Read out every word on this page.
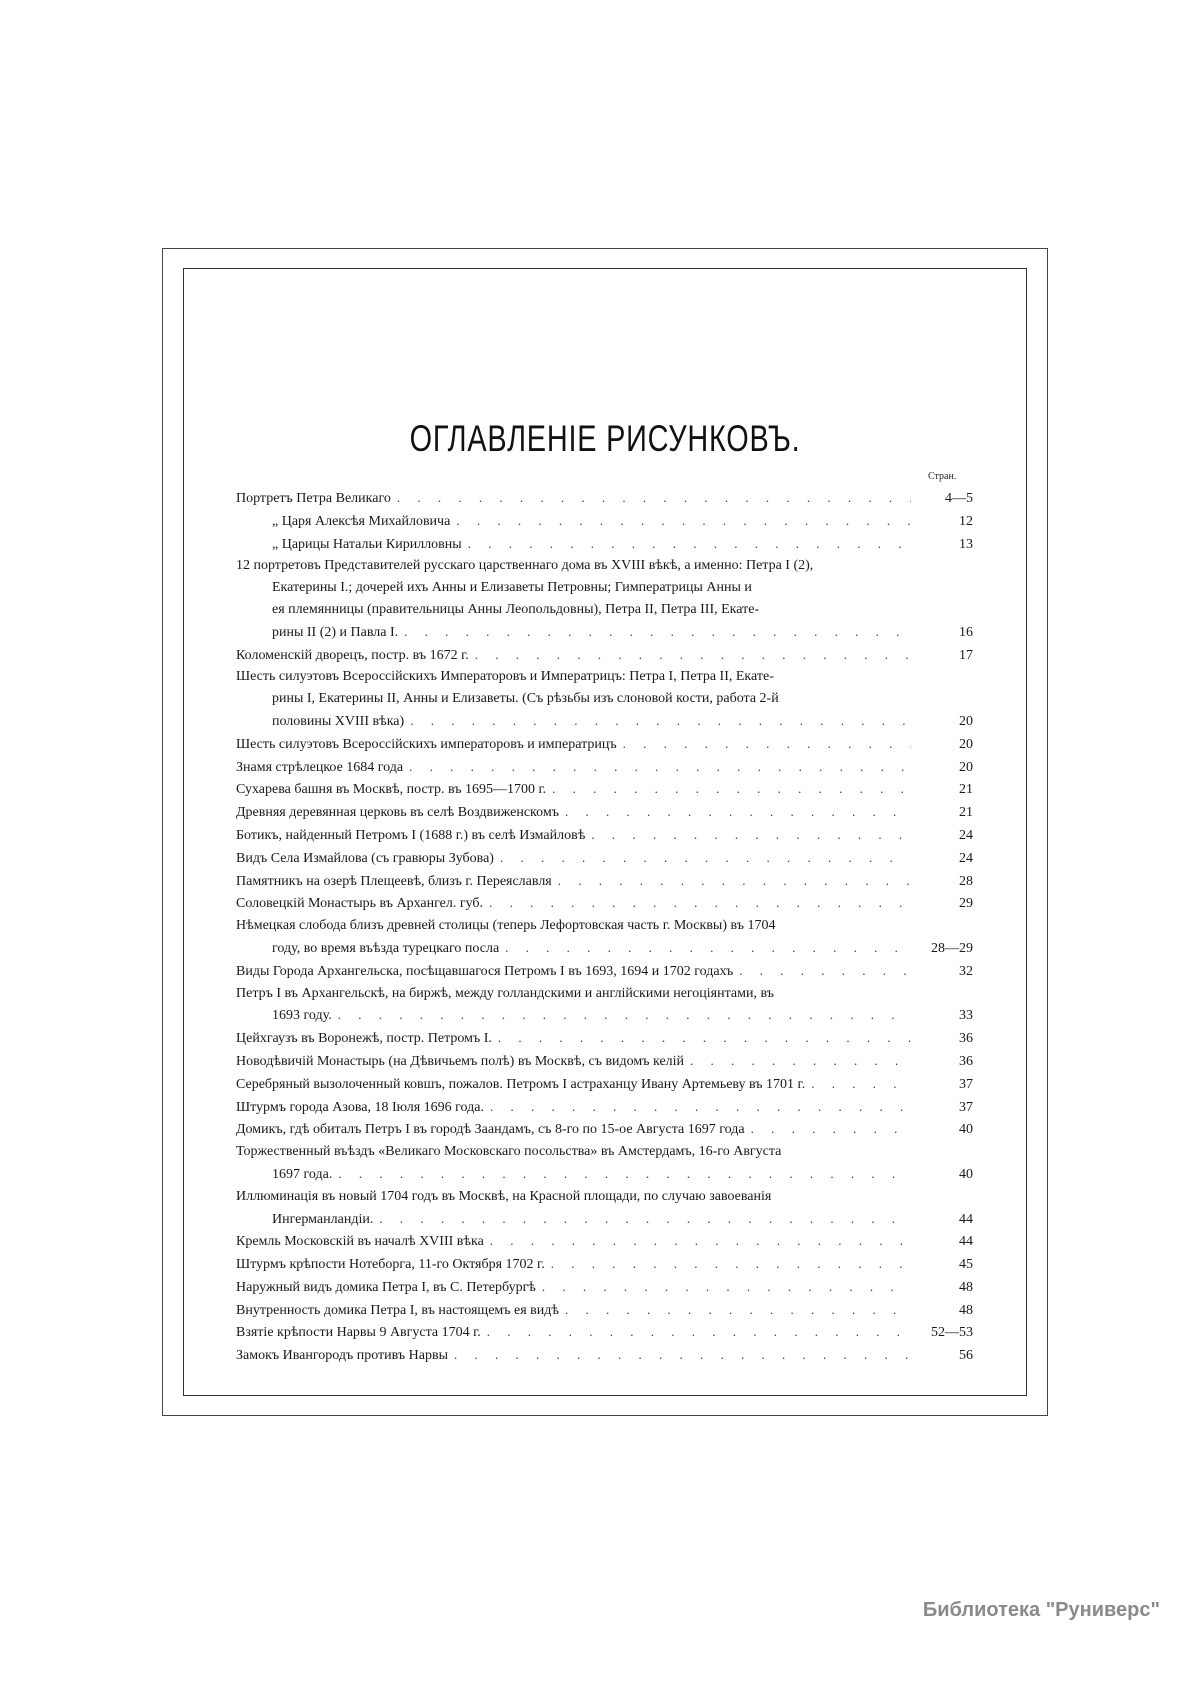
ОГЛАВЛЕНІЕ РИСУНКОВЪ.
Стран.
Портретъ Петра Великаго . . .	4—5
„ Царя Алексѣя Михайловича . . .	12
„ Царицы Натальи Кирилловны . . .	13
12 портретовъ Представителей русскаго царственнаго дома въ XVIII вѣкѣ, а именно: Петра I (2),
Екатерины I.; дочерей ихъ Анны и Елизаветы Петровны; Гимператрицы Анны и
ея племянницы (правительницы Анны Леопольдовны), Петра II, Петра III, Екате-
рины II (2) и Павла I. . . .	16
Коломенскій дворецъ, постр. въ 1672 г. . . .	17
Шесть силуэтовъ Всероссійскихъ Императоровъ и Императрицъ: Петра I, Петра II, Екате-
рины I, Екатерины II, Анны и Елизаветы. (Съ рѣзьбы изъ слоновой кости, работа 2-й
половины XVIII вѣка) . . .	20
Шесть силуэтовъ Всероссійскихъ императоровъ и императрицъ . . .	20
Знамя стрѣлецкое 1684 года . . .	20
Сухарева башня въ Москвѣ, постр. въ 1695—1700 г. . . .	21
Древняя деревянная церковь въ селѣ Воздвиженскомъ . . .	21
Ботикъ, найденный Петромъ I (1688 г.) въ селѣ Измайловѣ . . .	24
Видъ Села Измайлова (съ гравюры Зубова) . . .	24
Памятникъ на озерѣ Плещеевѣ, близъ г. Переяславля . . .	28
Соловецкій Монастырь въ Архангел. губ. . . .	29
Нѣмецкая слобода близъ древней столицы (теперь Лефортовская часть г. Москвы) въ 1704
году, во время въѣзда турецкаго посла . . .	28—29
Виды Города Архангельска, посѣщавшагося Петромъ I въ 1693, 1694 и 1702 годахъ . . .	32
Петръ I въ Архангельскѣ, на биржѣ, между голландскими и англійскими негоціянтами, въ
1693 году. . . .	33
Цейхгаузъ въ Воронежѣ, постр. Петромъ I. . . .	36
Новодѣвичій Монастырь (на Дѣвичьемъ полѣ) въ Москвѣ, съ видомъ келій . . .	36
Серебряный вызолоченный ковшъ, пожалов. Петромъ I астраханцу Ивану Артемьеву въ 1701 г. . . .	37
Штурмъ города Азова, 18 Іюля 1696 года. . . .	37
Домикъ, гдѣ обиталъ Петръ I въ городѣ Заандамъ, съ 8-го по 15-ое Августа 1697 года . . .	40
Торжественный въѣздъ «Великаго Московскаго посольства» въ Амстердамъ, 16-го Августа
1697 года. . . .	40
Иллюминація въ новый 1704 годъ въ Москвѣ, на Красной площади, по случаю завоеванія
Ингерманландіи. . . .	44
Кремль Московскій въ началѣ XVIII вѣка . . .	44
Штурмъ крѣпости Нотеборга, 11-го Октября 1702 г. . . .	45
Наружный видъ домика Петра I, въ С. Петербургѣ . . .	48
Внутренность домика Петра I, въ настоящемъ ея видѣ . . .	48
Взятіе крѣпости Нарвы 9 Августа 1704 г. . . .	52—53
Замокъ Ивангородъ противъ Нарвы . . .	56
Библиотека "Руниверс"
